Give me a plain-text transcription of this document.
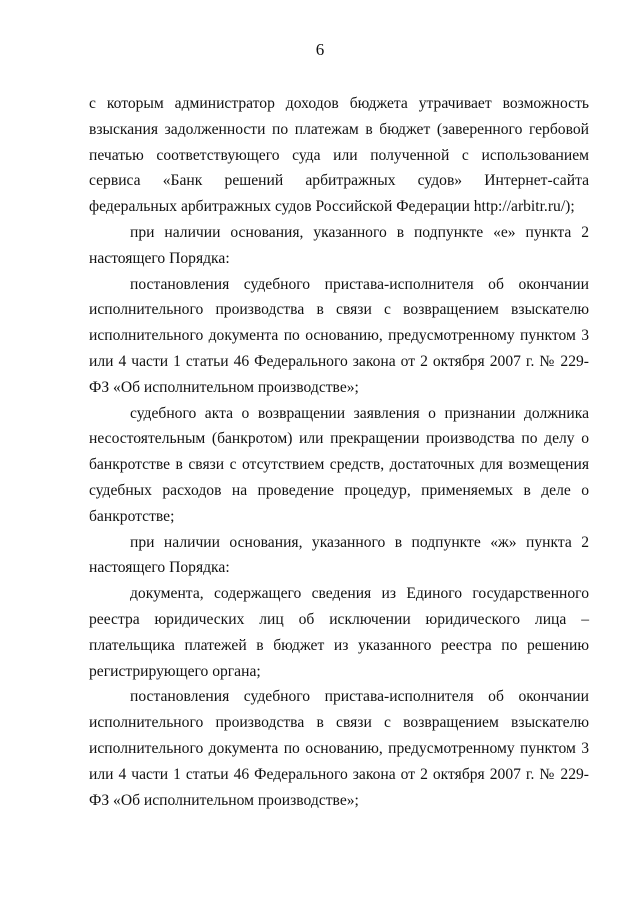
6

с которым администратор доходов бюджета утрачивает возможность взыскания задолженности по платежам в бюджет (заверенного гербовой печатью соответствующего суда или полученной с использованием сервиса «Банк решений арбитражных судов» Интернет-сайта федеральных арбитражных судов Российской Федерации http://arbitr.ru/);

при наличии основания, указанного в подпункте «е» пункта 2 настоящего Порядка:

постановления судебного пристава-исполнителя об окончании исполнительного производства в связи с возвращением взыскателю исполнительного документа по основанию, предусмотренному пунктом 3 или 4 части 1 статьи 46 Федерального закона от 2 октября 2007 г. № 229-ФЗ «Об исполнительном производстве»;

судебного акта о возвращении заявления о признании должника несостоятельным (банкротом) или прекращении производства по делу о банкротстве в связи с отсутствием средств, достаточных для возмещения судебных расходов на проведение процедур, применяемых в деле о банкротстве;

при наличии основания, указанного в подпункте «ж» пункта 2 настоящего Порядка:

документа, содержащего сведения из Единого государственного реестра юридических лиц об исключении юридического лица – плательщика платежей в бюджет из указанного реестра по решению регистрирующего органа;

постановления судебного пристава-исполнителя об окончании исполнительного производства в связи с возвращением взыскателю исполнительного документа по основанию, предусмотренному пунктом 3 или 4 части 1 статьи 46 Федерального закона от 2 октября 2007 г. № 229-ФЗ «Об исполнительном производстве»;
